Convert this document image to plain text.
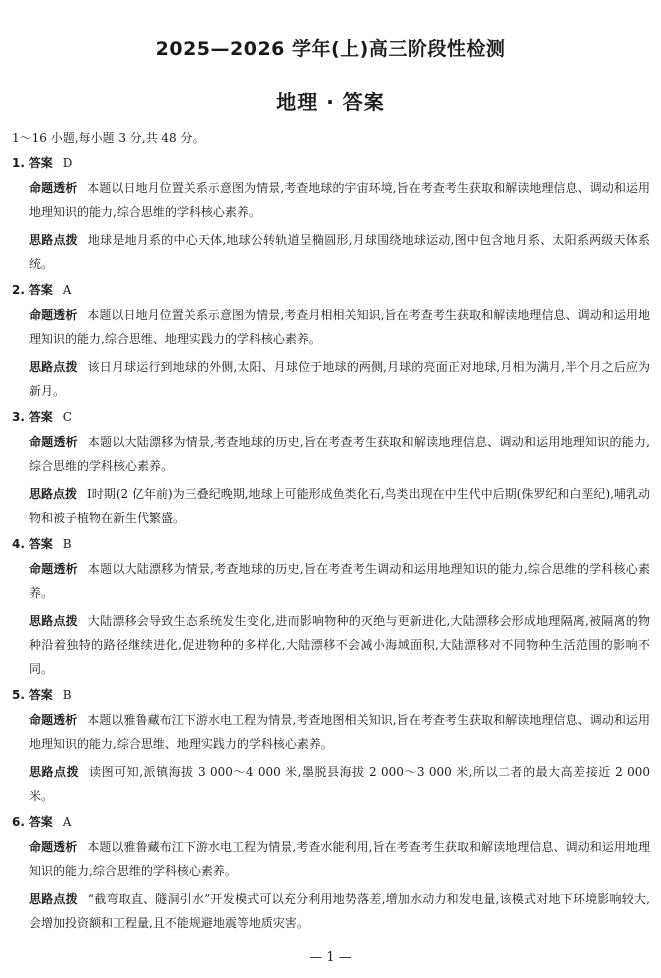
2025—2026 学年(上)高三阶段性检测
地理 · 答案

1～16 小题,每小题 3 分,共 48 分。

1. 答案 D

命题透析 本题以日地月位置关系示意图为情景,考查地球的宇宙环境,旨在考查考生获取和解读地理信息、调动和运用地理知识的能力,综合思维的学科核心素养。

思路点拨 地球是地月系的中心天体,地球公转轨道呈椭圆形,月球围绕地球运动,图中包含地月系、太阳系两级天体系统。

2. 答案 A

命题透析 本题以日地月位置关系示意图为情景,考查月相相关知识,旨在考查考生获取和解读地理信息、调动和运用地理知识的能力,综合思维、地理实践力的学科核心素养。

思路点拨 该日月球运行到地球的外侧,太阳、月球位于地球的两侧,月球的亮面正对地球,月相为满月,半个月之后应为新月。

3. 答案 C

命题透析 本题以大陆漂移为情景,考查地球的历史,旨在考查考生获取和解读地理信息、调动和运用地理知识的能力,综合思维的学科核心素养。

思路点拨 Ⅰ时期(2 亿年前)为三叠纪晚期,地球上可能形成鱼类化石,鸟类出现在中生代中后期(侏罗纪和白垩纪),哺乳动物和被子植物在新生代繁盛。

4. 答案 B

命题透析 本题以大陆漂移为情景,考查地球的历史,旨在考查考生调动和运用地理知识的能力,综合思维的学科核心素养。

思路点拨 大陆漂移会导致生态系统发生变化,进而影响物种的灭绝与更新进化,大陆漂移会形成地理隔离,被隔离的物种沿着独特的路径继续进化,促进物种的多样化,大陆漂移不会减小海域面积,大陆漂移对不同物种生活范围的影响不同。

5. 答案 B

命题透析 本题以雅鲁藏布江下游水电工程为情景,考查地图相关知识,旨在考查考生获取和解读地理信息、调动和运用地理知识的能力,综合思维、地理实践力的学科核心素养。

思路点拨 读图可知,派镇海拔 3 000～4 000 米,墨脱县海拔 2 000～3 000 米,所以二者的最大高差接近 2 000 米。

6. 答案 A

命题透析 本题以雅鲁藏布江下游水电工程为情景,考查水能利用,旨在考查考生获取和解读地理信息、调动和运用地理知识的能力,综合思维的学科核心素养。

思路点拨 “截弯取直、隧洞引水”开发模式可以充分利用地势落差,增加水动力和发电量,该模式对地下环境影响较大,会增加投资额和工程量,且不能规避地震等地质灾害。

— 1 —
